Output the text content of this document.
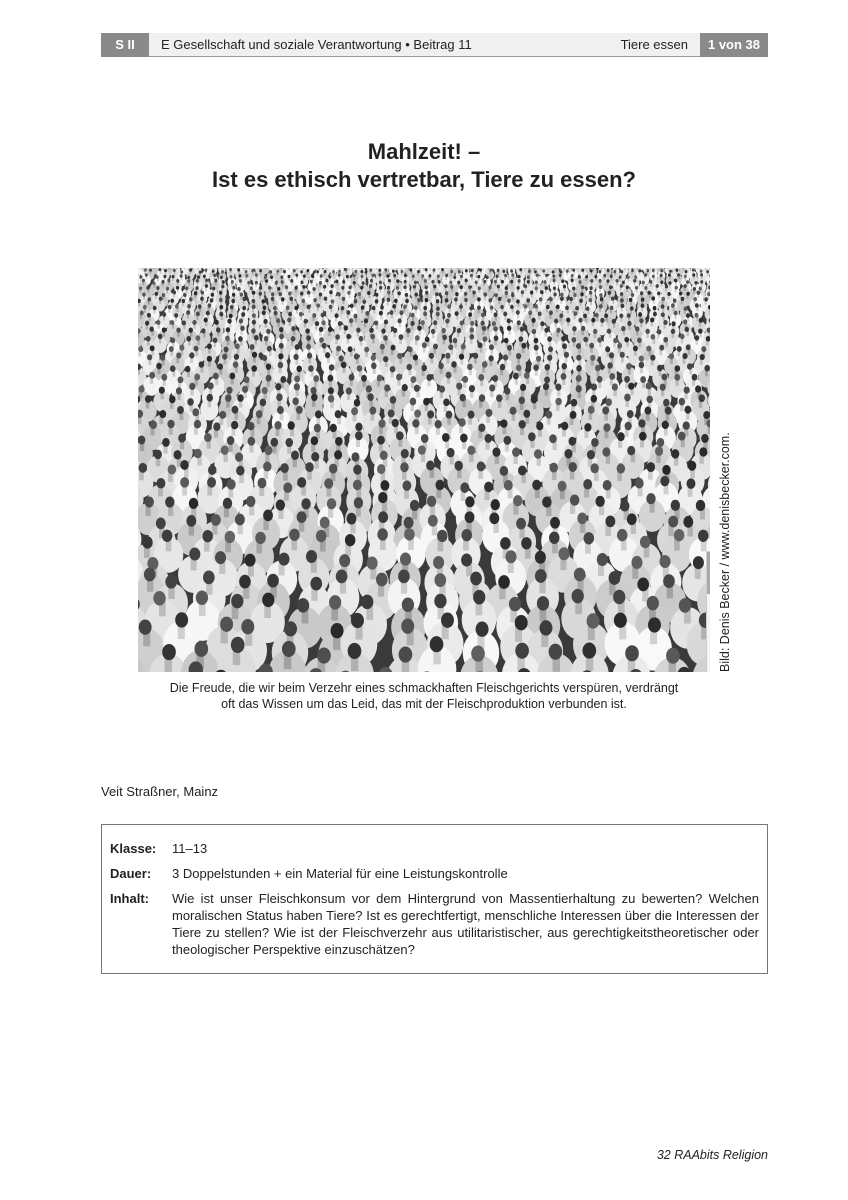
S II	E Gesellschaft und soziale Verantwortung • Beitrag 11	Tiere essen	1 von 38
Mahlzeit! –
Ist es ethisch vertretbar, Tiere zu essen?

Bild: Denis Becker / www.denisbecker.com.
Die Freude, die wir beim Verzehr eines schmackhaften Fleischgerichts verspüren, verdrängt
oft das Wissen um das Leid, das mit der Fleischproduktion verbunden ist.
Veit Straßner, Mainz
Klasse:	11–13
Dauer:	3 Doppelstunden + ein Material für eine Leistungskontrolle
Inhalt:	Wie ist unser Fleischkonsum vor dem Hintergrund von Massentierhaltung zu bewerten? Welchen moralischen Status haben Tiere? Ist es gerechtfertigt, menschliche Interessen über die Interessen der Tiere zu stellen? Wie ist der Fleischverzehr aus utilitaristischer, aus gerechtigkeitstheoretischer oder theologischer Perspektive einzuschätzen?
32 RAAbits Religion
